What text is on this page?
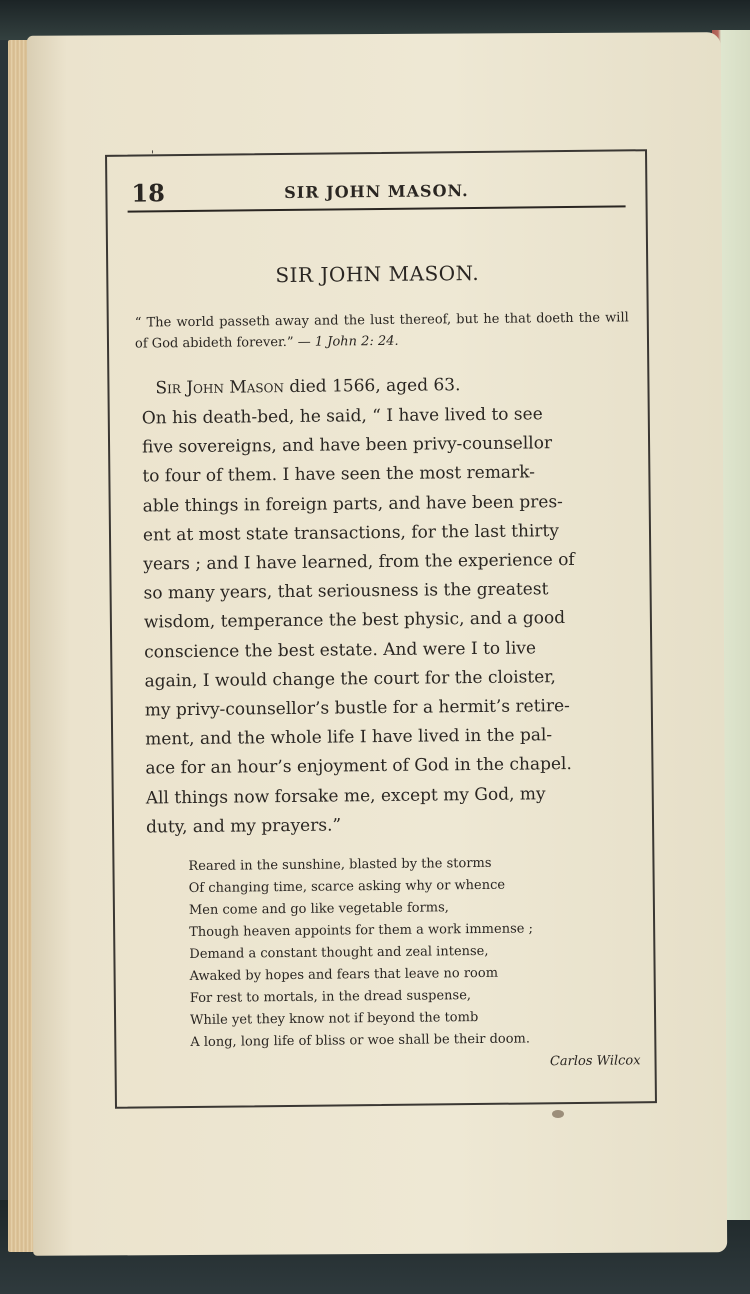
'
18	SIR JOHN MASON.
SIR JOHN MASON.
“ The world passeth away and the lust thereof, but he that doeth the will of God abideth forever.” — 1 John 2: 24.
Sir John Mason died 1566, aged 63.
On his death-bed, he said, “ I have lived to see
five sovereigns, and have been privy-counsellor
to four of them. I have seen the most remark-
able things in foreign parts, and have been pres-
ent at most state transactions, for the last thirty
years ; and I have learned, from the experience of
so many years, that seriousness is the greatest
wisdom, temperance the best physic, and a good
conscience the best estate. And were I to live
again, I would change the court for the cloister,
my privy-counsellor’s bustle for a hermit’s retire-
ment, and the whole life I have lived in the pal-
ace for an hour’s enjoyment of God in the chapel.
All things now forsake me, except my God, my
duty, and my prayers.”
Reared in the sunshine, blasted by the storms
Of changing time, scarce asking why or whence
Men come and go like vegetable forms,
Though heaven appoints for them a work immense ;
Demand a constant thought and zeal intense,
Awaked by hopes and fears that leave no room
For rest to mortals, in the dread suspense,
While yet they know not if beyond the tomb
A long, long life of bliss or woe shall be their doom.
Carlos Wilcox
